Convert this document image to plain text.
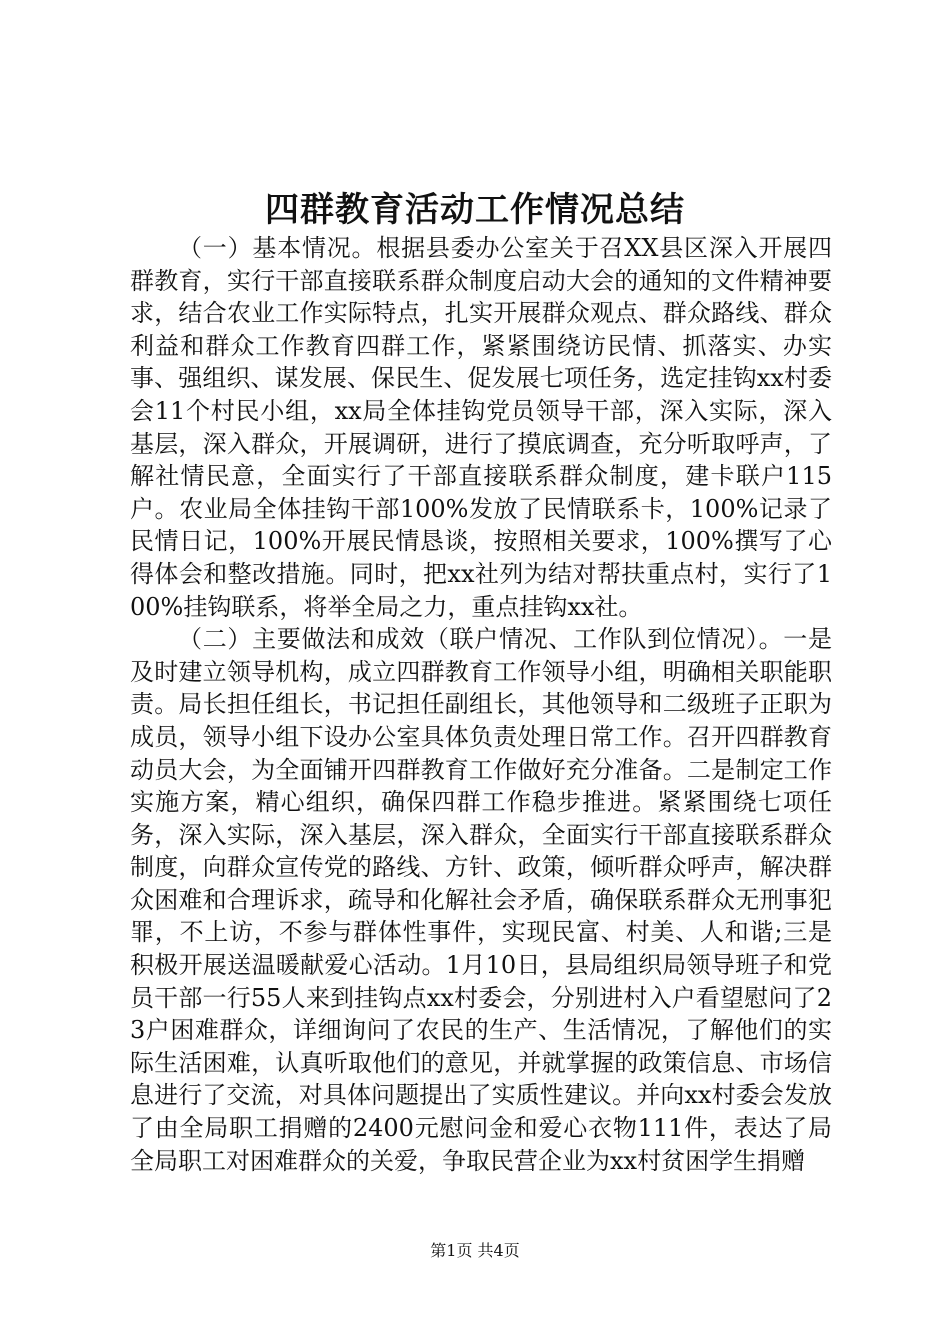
四群教育活动工作情况总结

（一）基本情况。根据县委办公室关于召XX县区深入开展四群教育，实行干部直接联系群众制度启动大会的通知的文件精神要求，结合农业工作实际特点，扎实开展群众观点、群众路线、群众利益和群众工作教育四群工作，紧紧围绕访民情、抓落实、办实事、强组织、谋发展、保民生、促发展七项任务，选定挂钩xx村委会11个村民小组，xx局全体挂钩党员领导干部，深入实际，深入基层，深入群众，开展调研，进行了摸底调查，充分听取呼声，了解社情民意，全面实行了干部直接联系群众制度，建卡联户115户。农业局全体挂钩干部100%发放了民情联系卡，100%记录了民情日记，100%开展民情恳谈，按照相关要求，100%撰写了心得体会和整改措施。同时，把xx社列为结对帮扶重点村，实行了100%挂钩联系，将举全局之力，重点挂钩xx社。

（二）主要做法和成效（联户情况、工作队到位情况）。一是及时建立领导机构，成立四群教育工作领导小组，明确相关职能职责。局长担任组长，书记担任副组长，其他领导和二级班子正职为成员，领导小组下设办公室具体负责处理日常工作。召开四群教育动员大会，为全面铺开四群教育工作做好充分准备。二是制定工作实施方案，精心组织，确保四群工作稳步推进。紧紧围绕七项任务，深入实际，深入基层，深入群众，全面实行干部直接联系群众制度，向群众宣传党的路线、方针、政策，倾听群众呼声，解决群众困难和合理诉求，疏导和化解社会矛盾，确保联系群众无刑事犯罪，不上访，不参与群体性事件，实现民富、村美、人和谐;三是积极开展送温暖献爱心活动。1月10日，县局组织局领导班子和党员干部一行55人来到挂钩点xx村委会，分别进村入户看望慰问了23户困难群众，详细询问了农民的生产、生活情况，了解他们的实际生活困难，认真听取他们的意见，并就掌握的政策信息、市场信息进行了交流，对具体问题提出了实质性建议。并向xx村委会发放了由全局职工捐赠的2400元慰问金和爱心衣物111件，表达了局全局职工对困难群众的关爱，争取民营企业为xx村贫困学生捐赠

第1页 共4页
